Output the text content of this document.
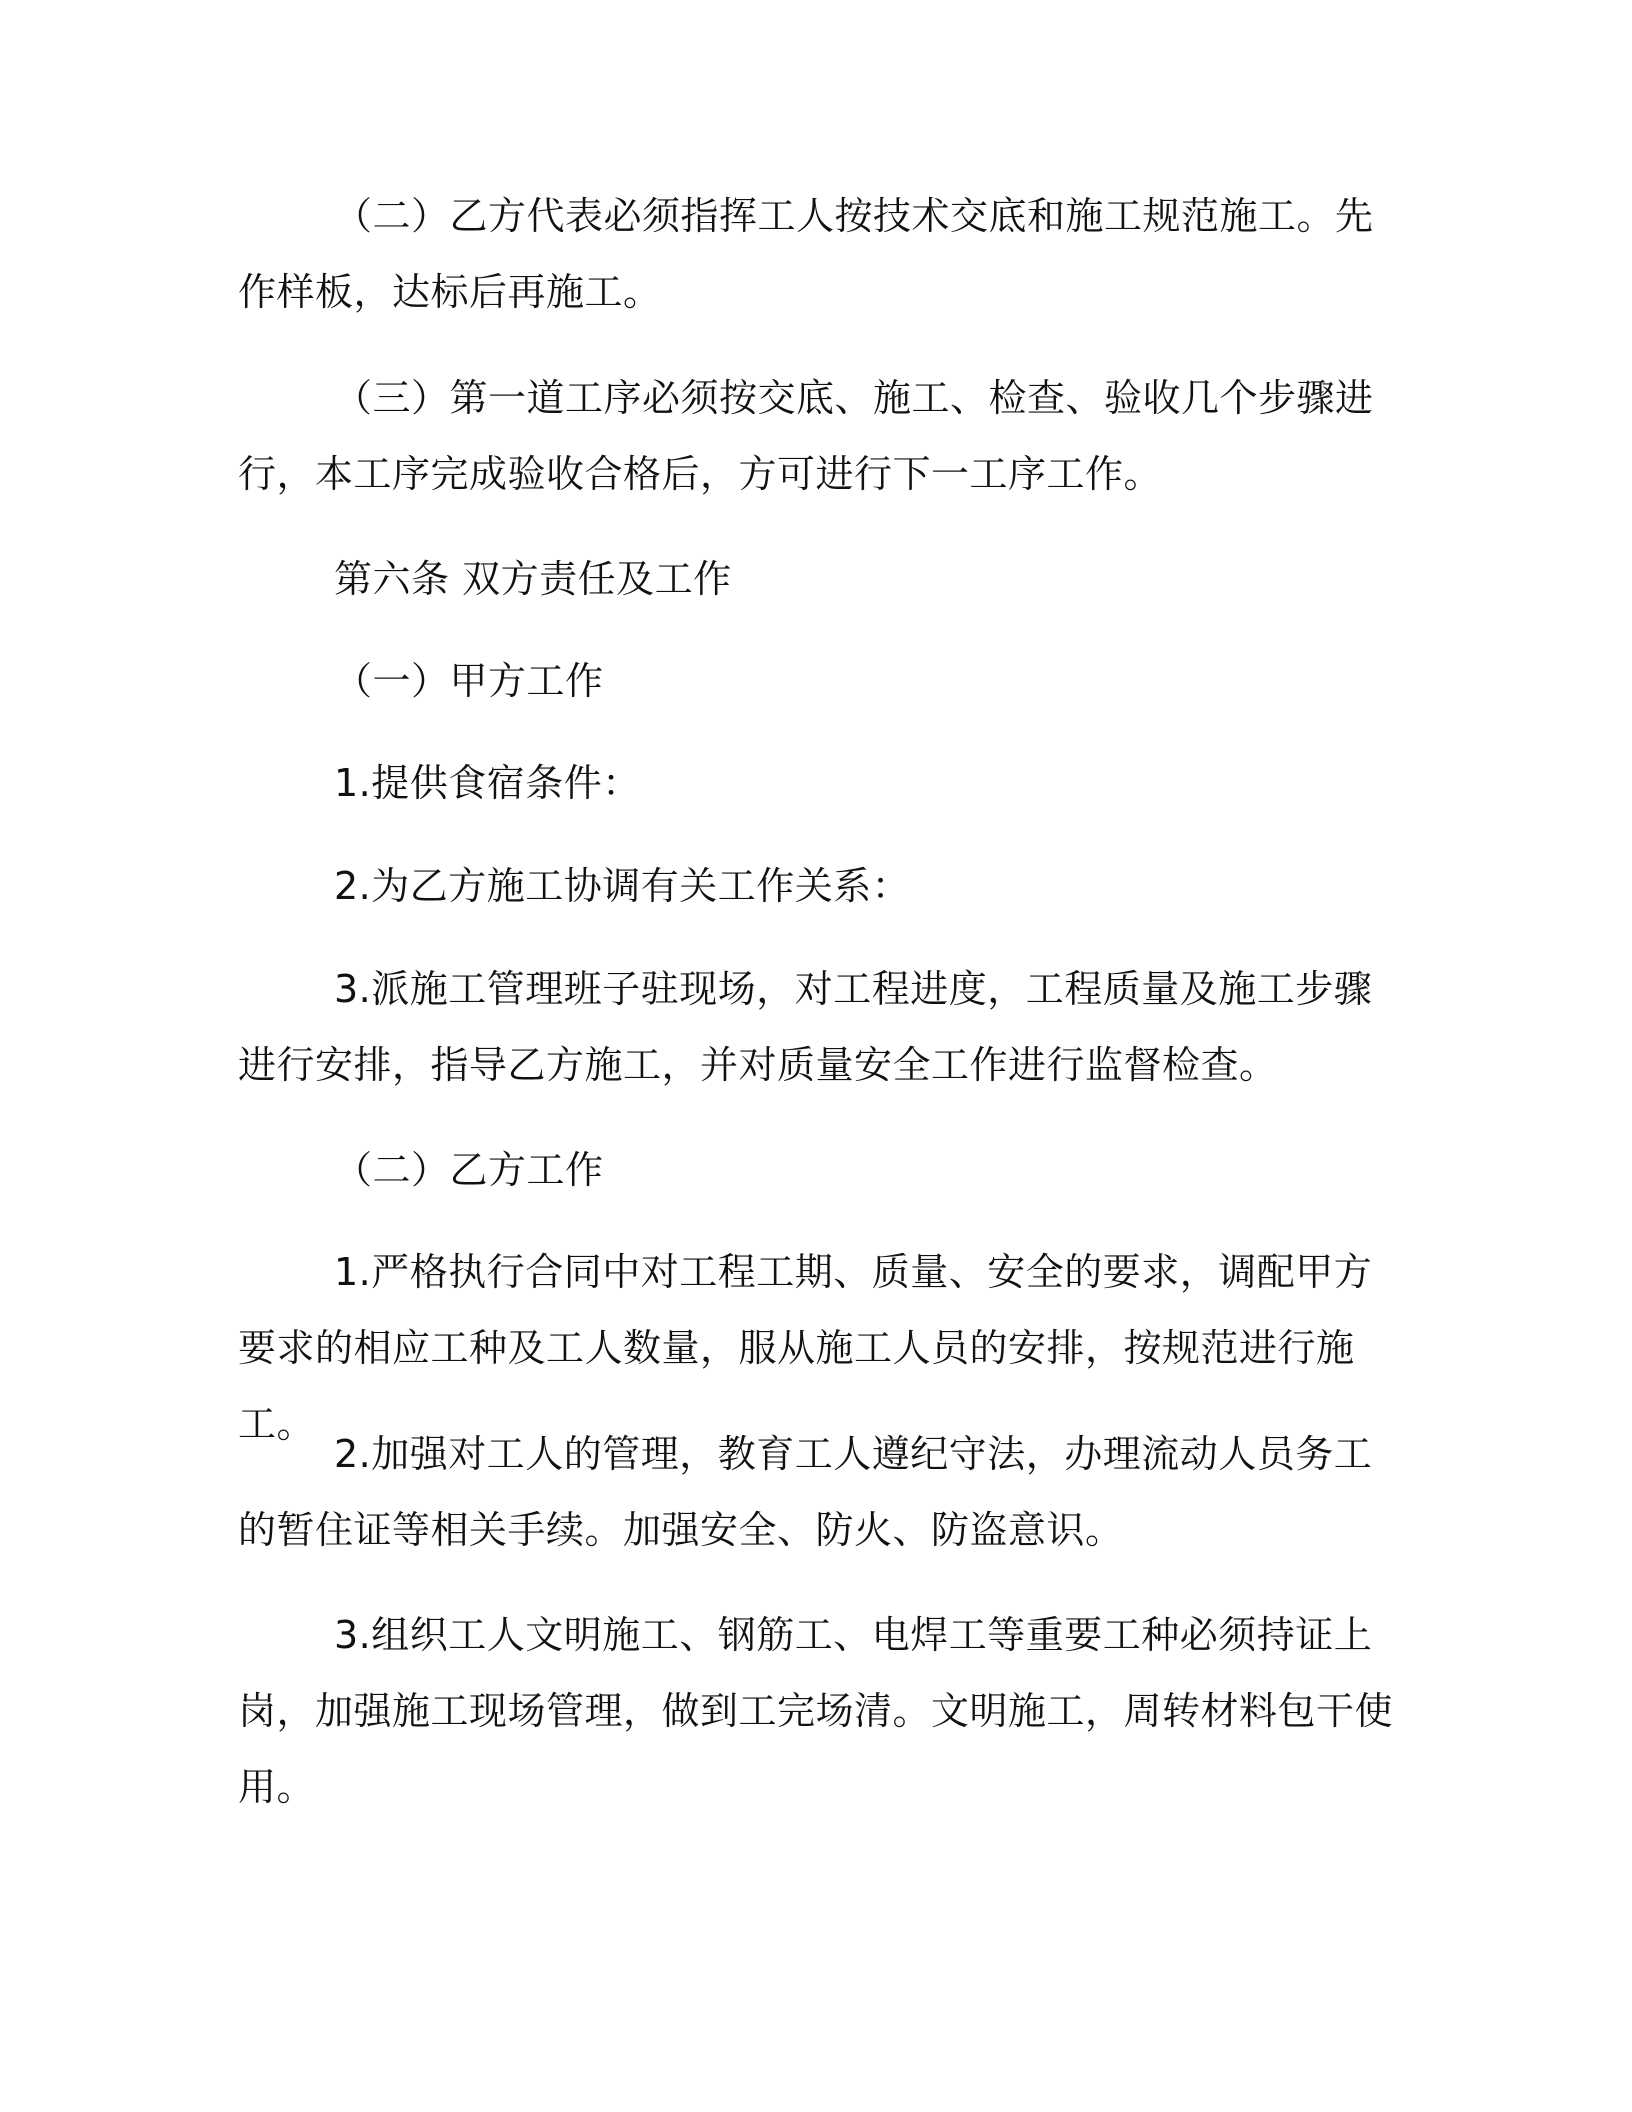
（二）乙方代表必须指挥工人按技术交底和施工规范施工。先作样板，达标后再施工。

（三）第一道工序必须按交底、施工、检查、验收几个步骤进行，本工序完成验收合格后，方可进行下一工序工作。

第六条 双方责任及工作

（一）甲方工作

1.提供食宿条件：

2.为乙方施工协调有关工作关系：

3.派施工管理班子驻现场，对工程进度，工程质量及施工步骤进行安排，指导乙方施工，并对质量安全工作进行监督检查。

（二）乙方工作

1.严格执行合同中对工程工期、质量、安全的要求，调配甲方要求的相应工种及工人数量，服从施工人员的安排，按规范进行施工。

2.加强对工人的管理，教育工人遵纪守法，办理流动人员务工的暂住证等相关手续。加强安全、防火、防盗意识。

3.组织工人文明施工、钢筋工、电焊工等重要工种必须持证上岗，加强施工现场管理，做到工完场清。文明施工，周转材料包干使用。
